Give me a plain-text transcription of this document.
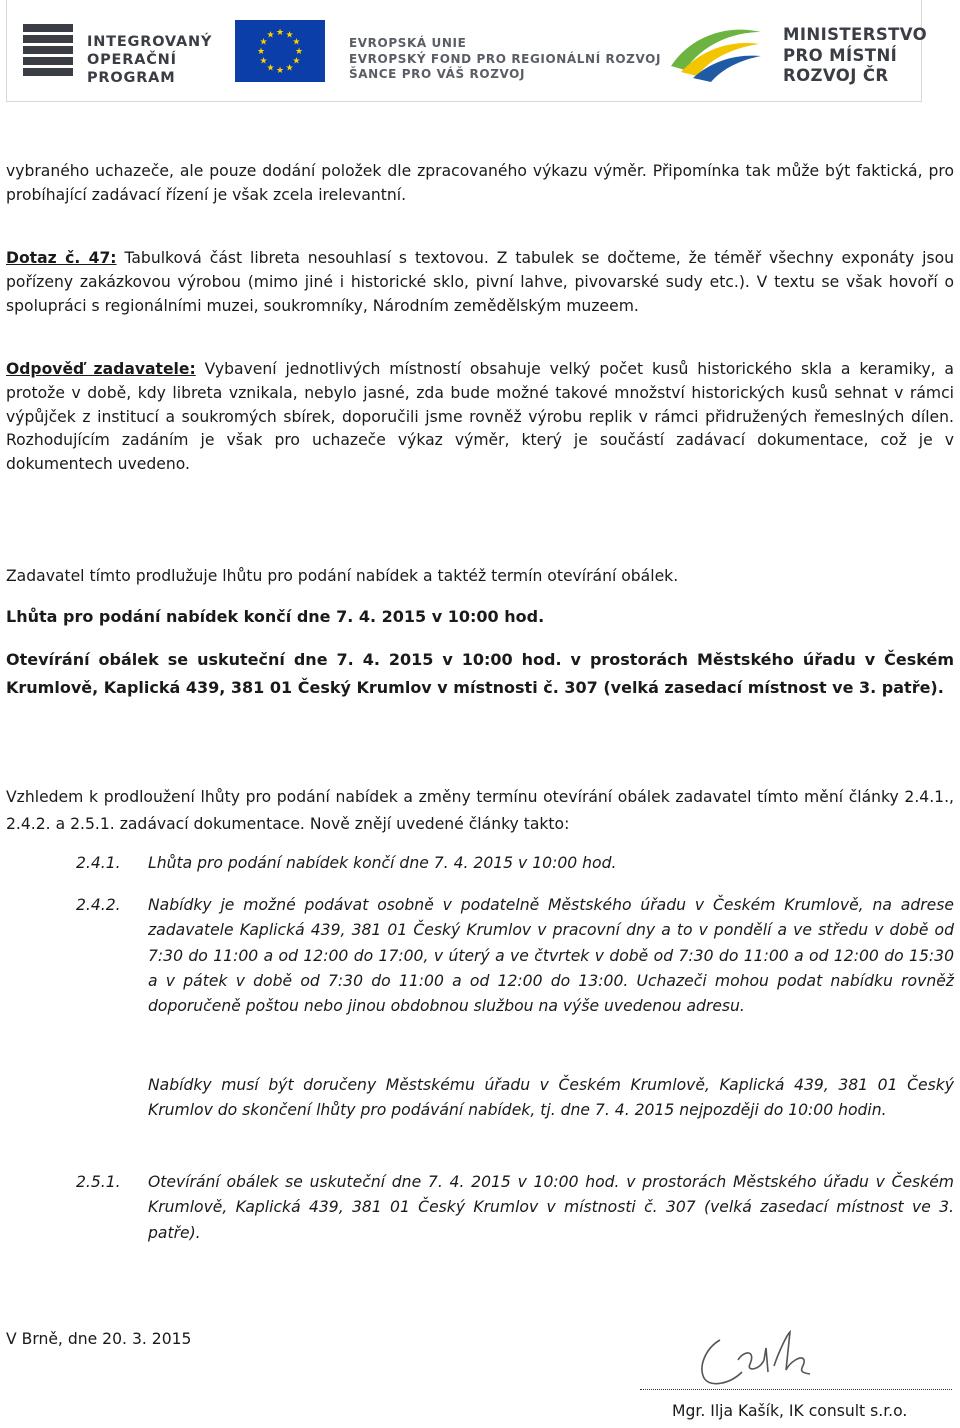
INTEGROVANÝ
OPERAČNÍ
PROGRAM
★ ★
★
★
★
★
★
★
★
★
★
★
EVROPSKÁ UNIE
EVROPSKÝ FOND PRO REGIONÁLNÍ ROZVOJ
ŠANCE PRO VÁŠ ROZVOJ
MINISTERSTVO
PRO MÍSTNÍ
ROZVOJ ČR
vybraného uchazeče, ale pouze dodání položek dle zpracovaného výkazu výměr. Připomínka tak může být faktická, pro probíhající zadávací řízení je však zcela irelevantní.
Dotaz č. 47: Tabulková část libreta nesouhlasí s textovou. Z tabulek se dočteme, že téměř všechny exponáty jsou pořízeny zakázkovou výrobou (mimo jiné i historické sklo, pivní lahve, pivovarské sudy etc.). V textu se však hovoří o spolupráci s regionálními muzei, soukromníky, Národním zemědělským muzeem.
Odpověď zadavatele: Vybavení jednotlivých místností obsahuje velký počet kusů historického skla a keramiky, a protože v době, kdy libreta vznikala, nebylo jasné, zda bude možné takové množství historických kusů sehnat v rámci výpůjček z institucí a soukromých sbírek, doporučili jsme rovněž výrobu replik v rámci přidružených řemeslných dílen. Rozhodujícím zadáním je však pro uchazeče výkaz výměr, který je součástí zadávací dokumentace, což je v dokumentech uvedeno.
Zadavatel tímto prodlužuje lhůtu pro podání nabídek a taktéž termín otevírání obálek.
Lhůta pro podání nabídek končí dne 7. 4. 2015 v 10:00 hod.
Otevírání obálek se uskuteční dne 7. 4. 2015 v 10:00 hod. v prostorách Městského úřadu v Českém Krumlově, Kaplická 439, 381 01 Český Krumlov v místnosti č. 307 (velká zasedací místnost ve 3. patře).
Vzhledem k prodloužení lhůty pro podání nabídek a změny termínu otevírání obálek zadavatel tímto mění články 2.4.1., 2.4.2. a 2.5.1. zadávací dokumentace. Nově znějí uvedené články takto:
2.4.1. Lhůta pro podání nabídek končí dne 7. 4. 2015 v 10:00 hod.
2.4.2. Nabídky je možné podávat osobně v podatelně Městského úřadu v Českém Krumlově, na adrese zadavatele Kaplická 439, 381 01 Český Krumlov v pracovní dny a to v pondělí a ve středu v době od 7:30 do 11:00 a od 12:00 do 17:00, v úterý a ve čtvrtek v době od 7:30 do 11:00 a od 12:00 do 15:30 a v pátek v době od 7:30 do 11:00 a od 12:00 do 13:00. Uchazeči mohou podat nabídku rovněž doporučeně poštou nebo jinou obdobnou službou na výše uvedenou adresu.
Nabídky musí být doručeny Městskému úřadu v Českém Krumlově, Kaplická 439, 381 01 Český Krumlov do skončení lhůty pro podávání nabídek, tj. dne 7. 4. 2015 nejpozději do 10:00 hodin.
2.5.1. Otevírání obálek se uskuteční dne 7. 4. 2015 v 10:00 hod. v prostorách Městského úřadu v Českém Krumlově, Kaplická 439, 381 01 Český Krumlov v místnosti č. 307 (velká zasedací místnost ve 3. patře).
V Brně, dne 20. 3. 2015
Mgr. Ilja Kašík, IK consult s.r.o.
